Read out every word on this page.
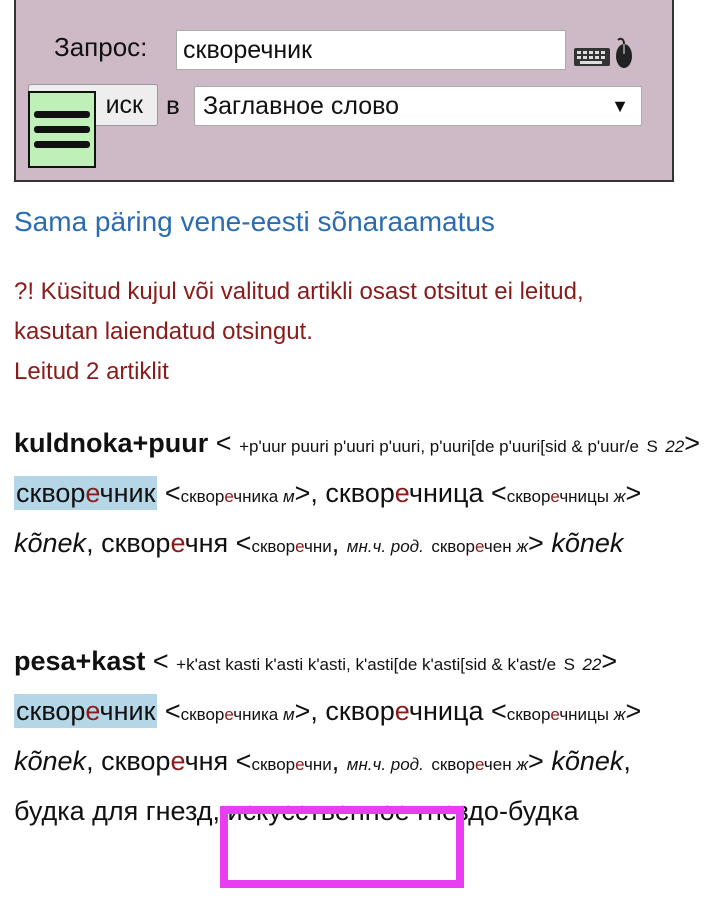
Запрос:
скворечник
иск в Заглавное слово	▼
Sama päring vene-eesti sõnaraamatus
?! Küsitud kujul või valitud artikli osast otsitut ei leitud,
kasutan laiendatud otsingut.
Leitud 2 artiklit
kuldnoka+puur < +p'uur puuri p'uuri p'uuri, p'uuri[de p'uuri[sid & p'uur/e S 22> скворечник <скворечника м>, скворечница <скворечницы ж> kõnek, скворечня <скворечни, мн.ч. род. скворечен ж> kõnek
pesa+kast < +k'ast kasti k'asti k'asti, k'asti[de k'asti[sid & k'ast/e S 22> скворечник <скворечника м>, скворечница <скворечницы ж> kõnek, скворечня <скворечни, мн.ч. род. скворечен ж> kõnek, будка для гнезд, искусственное гнездо-будка
